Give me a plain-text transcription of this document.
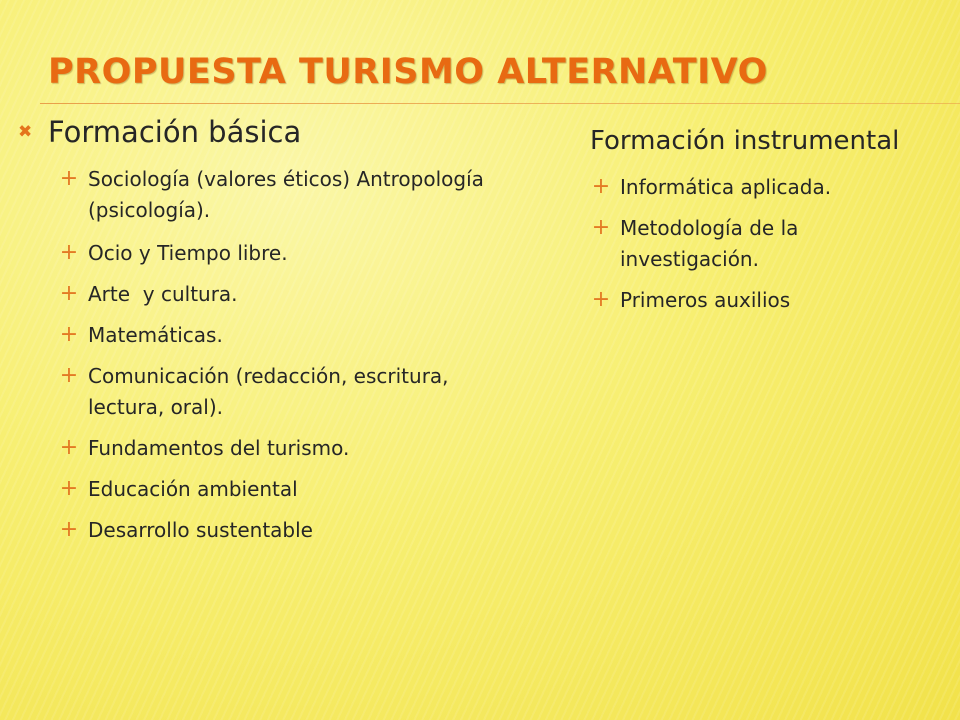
PROPUESTA TURISMO ALTERNATIVO
✖ Formación básica
+ Sociología (valores éticos) Antropología (psicología).
+ Ocio y Tiempo libre.
+ Arte  y cultura.
+ Matemáticas.
+ Comunicación (redacción, escritura, lectura, oral).
+ Fundamentos del turismo.
+ Educación ambiental
+ Desarrollo sustentable
Formación instrumental
+ Informática aplicada.
+ Metodología de la investigación.
+ Primeros auxilios
